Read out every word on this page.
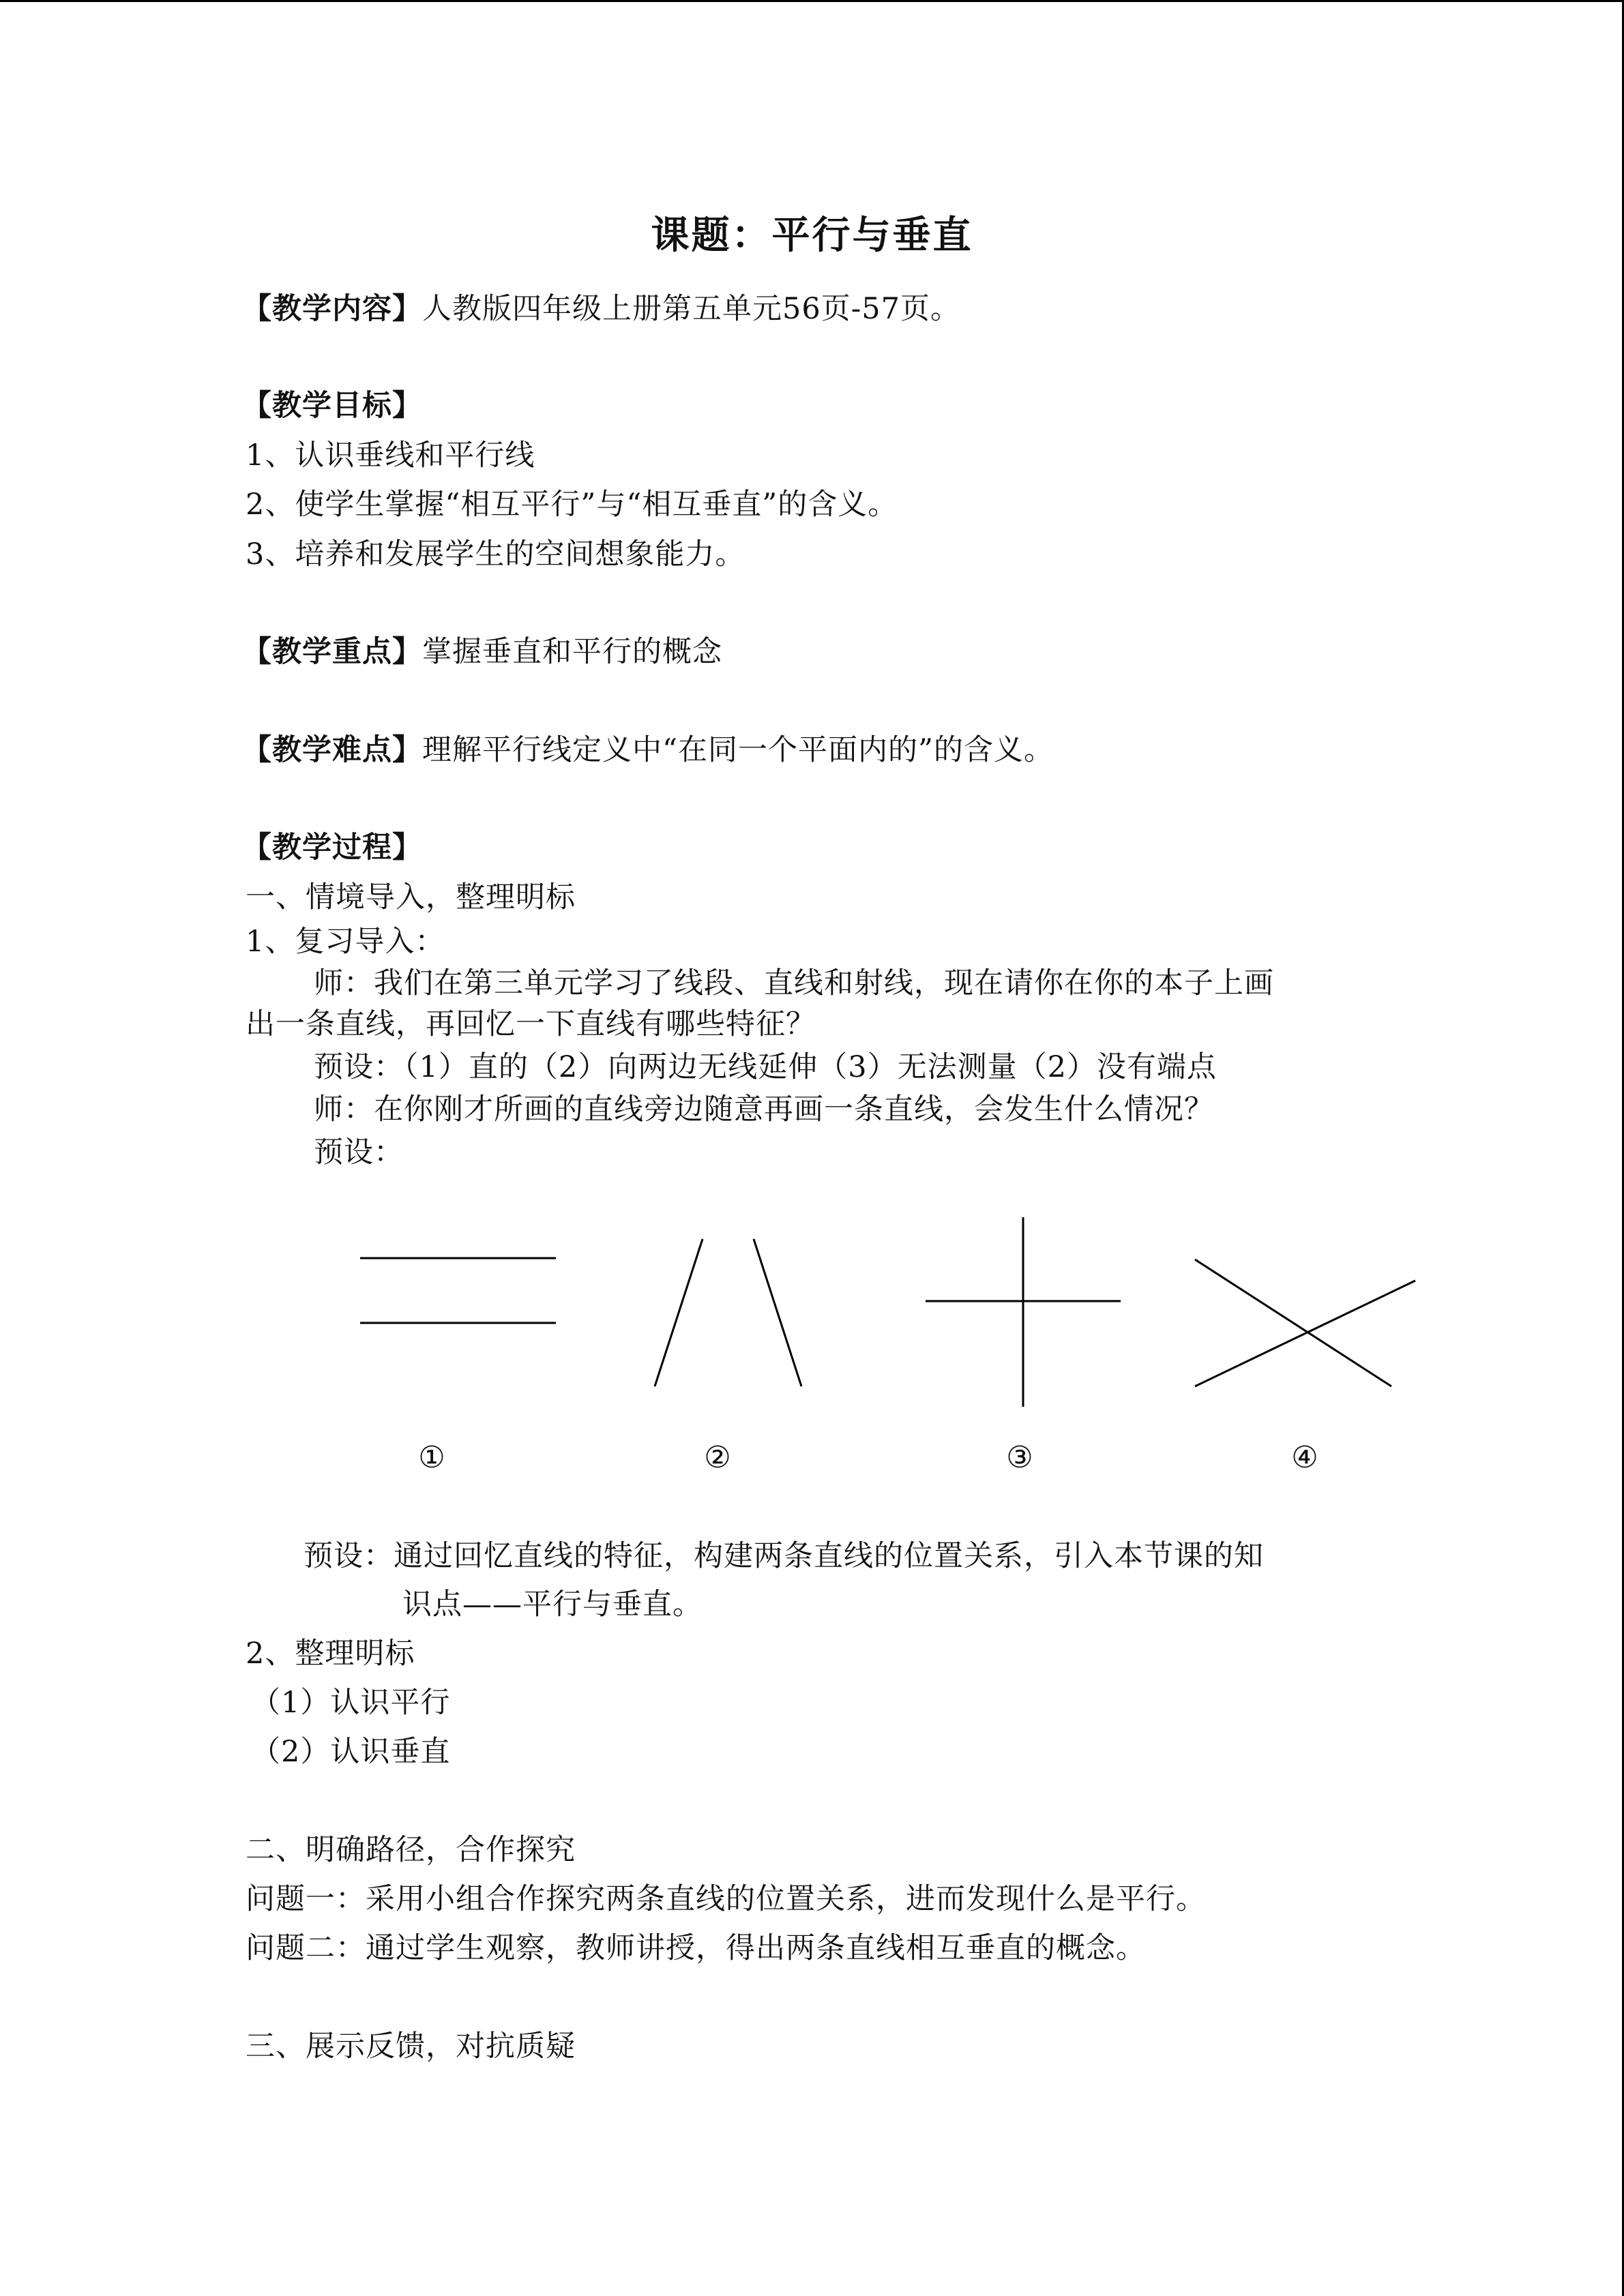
课题：平行与垂直
【教学内容】人教版四年级上册第五单元56页-57页。
【教学目标】
1、认识垂线和平行线
2、使学生掌握“相互平行”与“相互垂直”的含义。
3、培养和发展学生的空间想象能力。
【教学重点】掌握垂直和平行的概念
【教学难点】理解平行线定义中“在同一个平面内的”的含义。
【教学过程】
一、情境导入，整理明标
1、复习导入：
师：我们在第三单元学习了线段、直线和射线，现在请你在你的本子上画
出一条直线，再回忆一下直线有哪些特征？
预设：（1）直的（2）向两边无线延伸（3）无法测量（2）没有端点
师：在你刚才所画的直线旁边随意再画一条直线，会发生什么情况？
预设：
①	②	③	④
预设：通过回忆直线的特征，构建两条直线的位置关系，引入本节课的知
识点——平行与垂直。
2、整理明标
（1）认识平行
（2）认识垂直
二、明确路径，合作探究
问题一：采用小组合作探究两条直线的位置关系，进而发现什么是平行。
问题二：通过学生观察，教师讲授，得出两条直线相互垂直的概念。
三、展示反馈，对抗质疑
